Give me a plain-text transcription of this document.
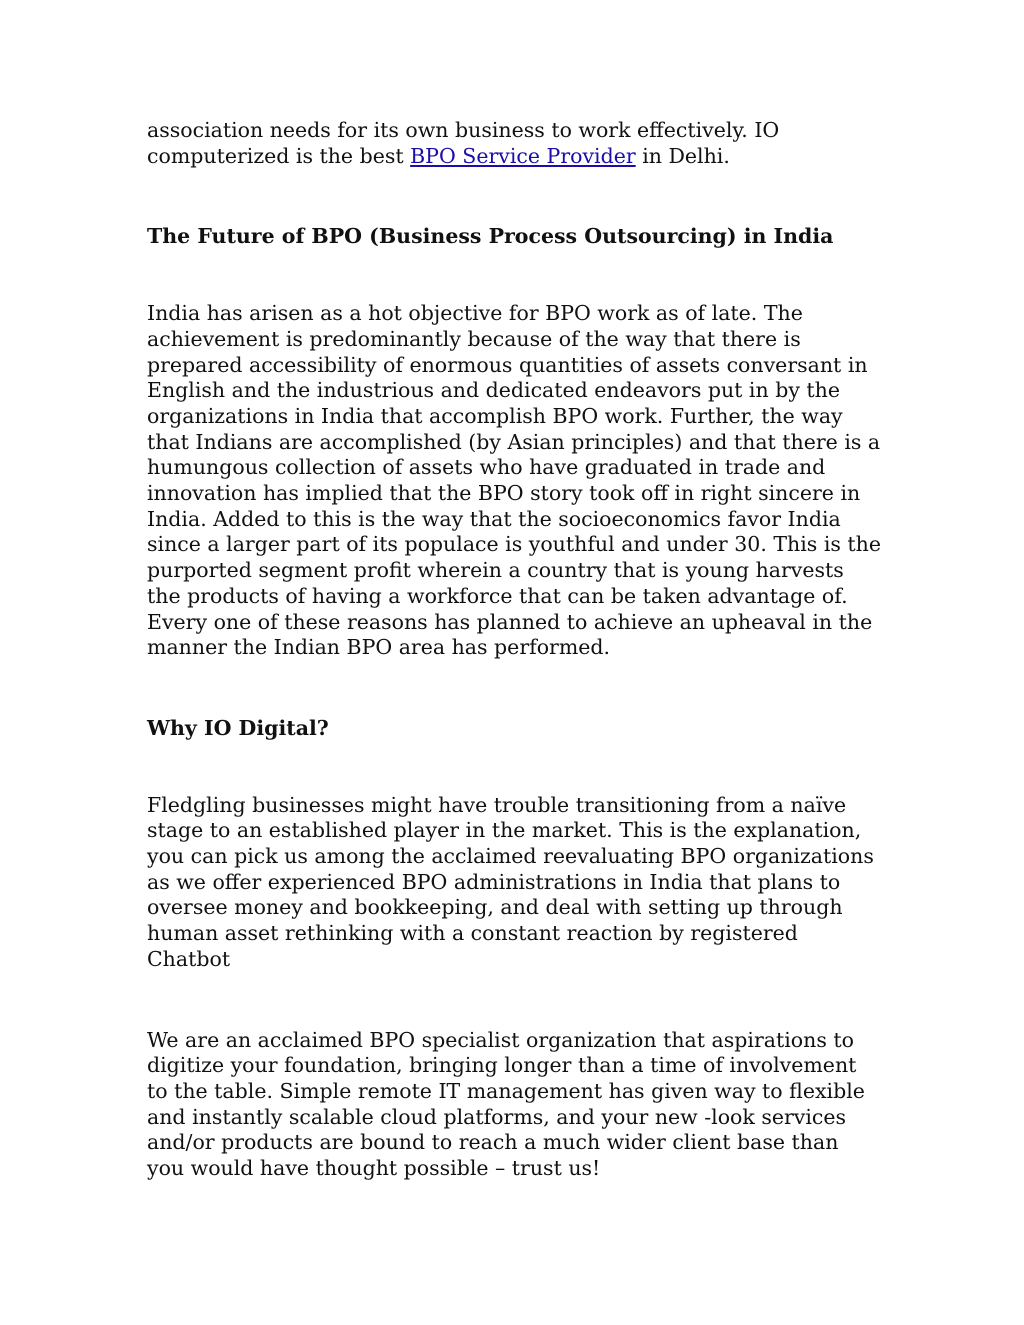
association needs for its own business to work effectively. IO computerized is the best BPO Service Provider in Delhi.

The Future of BPO (Business Process Outsourcing) in India

India has arisen as a hot objective for BPO work as of late. The achievement is predominantly because of the way that there is prepared accessibility of enormous quantities of assets conversant in English and the industrious and dedicated endeavors put in by the organizations in India that accomplish BPO work. Further, the way that Indians are accomplished (by Asian principles) and that there is a humungous collection of assets who have graduated in trade and innovation has implied that the BPO story took off in right sincere in India. Added to this is the way that the socioeconomics favor India since a larger part of its populace is youthful and under 30. This is the purported segment profit wherein a country that is young harvests the products of having a workforce that can be taken advantage of. Every one of these reasons has planned to achieve an upheaval in the manner the Indian BPO area has performed.

Why IO Digital?

Fledgling businesses might have trouble transitioning from a naïve stage to an established player in the market. This is the explanation, you can pick us among the acclaimed reevaluating BPO organizations as we offer experienced BPO administrations in India that plans to oversee money and bookkeeping, and deal with setting up through human asset rethinking with a constant reaction by registered Chatbot

We are an acclaimed BPO specialist organization that aspirations to digitize your foundation, bringing longer than a time of involvement to the table. Simple remote IT management has given way to flexible and instantly scalable cloud platforms, and your new -look services and/or products are bound to reach a much wider client base than you would have thought possible – trust us!
